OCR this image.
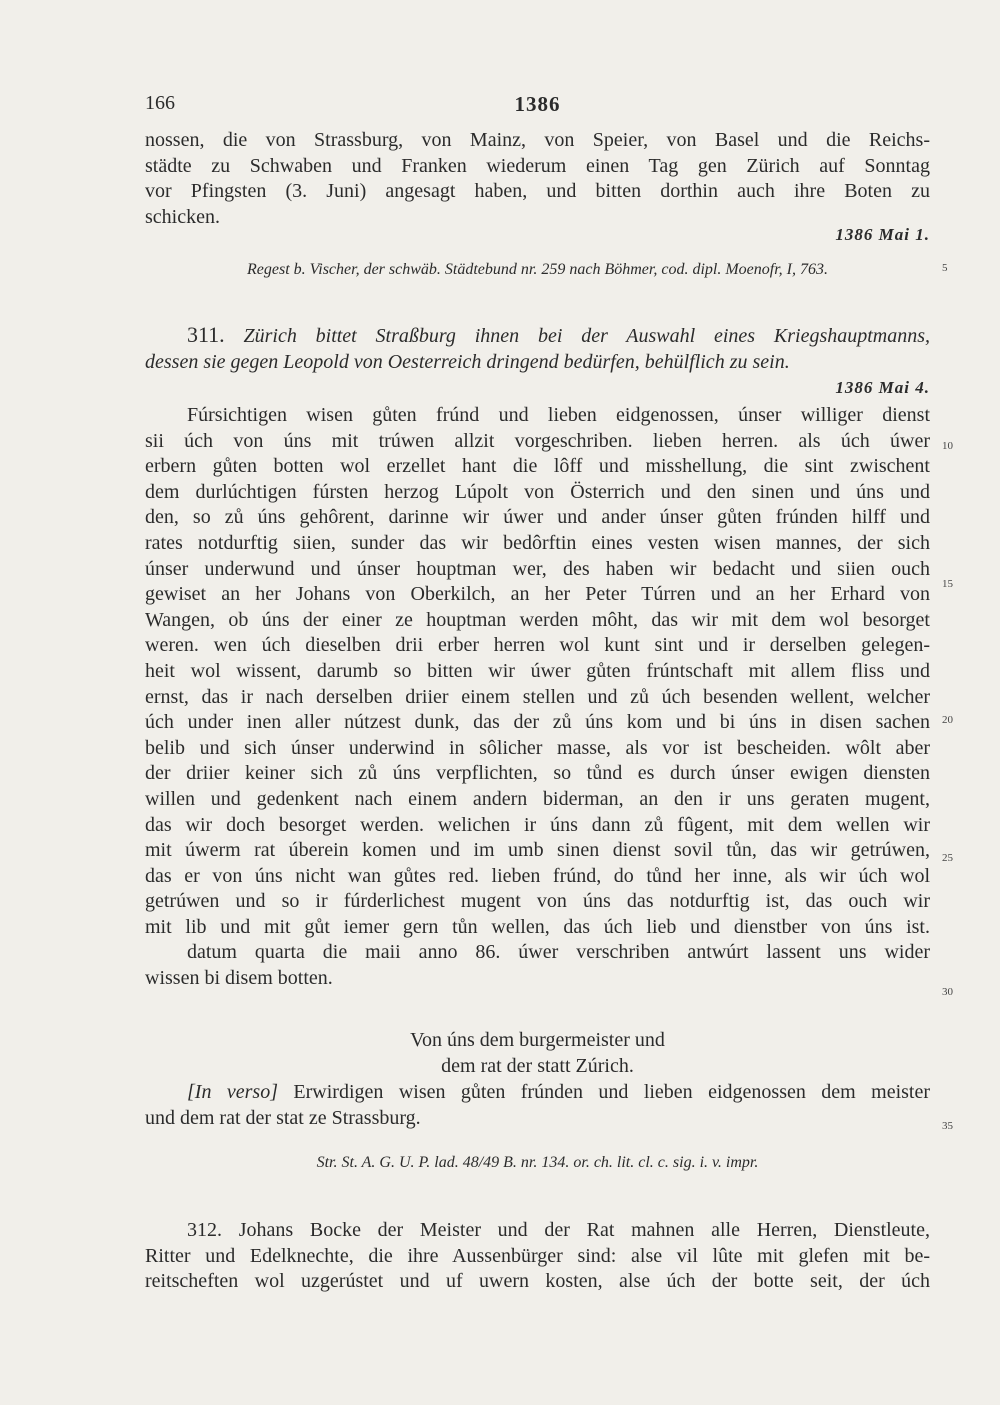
166	1386
nossen, die von Strassburg, von Mainz, von Speier, von Basel und die Reichs-
städte zu Schwaben und Franken wiederum einen Tag gen Zürich auf Sonntag
vor Pfingsten (3. Juni) angesagt haben, und bitten dorthin auch ihre Boten zu
schicken.
1386 Mai 1.
Regest b. Vischer, der schwäb. Städtebund nr. 259 nach Böhmer, cod. dipl. Moenofr, I, 763.
311. Zürich bittet Straßburg ihnen bei der Auswahl eines Kriegshauptmanns,
dessen sie gegen Leopold von Oesterreich dringend bedürfen, behülflich zu sein.
1386 Mai 4.
Fúrsichtigen wisen gůten frúnd und lieben eidgenossen, únser williger dienst
sii úch von úns mit trúwen allzit vorgeschriben. lieben herren. als úch úwer
erbern gůten botten wol erzellet hant die lôff und misshellung, die sint zwischent
dem durlúchtigen fúrsten herzog Lúpolt von Österrich und den sinen und úns und
den, so zů úns gehôrent, darinne wir úwer und ander únser gůten frúnden hilff und
rates notdurftig siien, sunder das wir bedôrftin eines vesten wisen mannes, der sich
únser underwund und únser houptman wer, des haben wir bedacht und siien ouch
gewiset an her Johans von Oberkilch, an her Peter Túrren und an her Erhard von
Wangen, ob úns der einer ze houptman werden môht, das wir mit dem wol besorget
weren. wen úch dieselben drii erber herren wol kunt sint und ir derselben gelegen-
heit wol wissent, darumb so bitten wir úwer gůten frúntschaft mit allem fliss und
ernst, das ir nach derselben driier einem stellen und zů úch besenden wellent, welcher
úch under inen aller nútzest dunk, das der zů úns kom und bi úns in disen sachen
belib und sich únser underwind in sôlicher masse, als vor ist bescheiden. wôlt aber
der driier keiner sich zů úns verpflichten, so tůnd es durch únser ewigen diensten
willen und gedenkent nach einem andern biderman, an den ir uns geraten mugent,
das wir doch besorget werden. welichen ir úns dann zů fûgent, mit dem wellen wir
mit úwerm rat úberein komen und im umb sinen dienst sovil tůn, das wir getrúwen,
das er von úns nicht wan gůtes red. lieben frúnd, do tůnd her inne, als wir úch wol
getrúwen und so ir fúrderlichest mugent von úns das notdurftig ist, das ouch wir
mit lib und mit gůt iemer gern tůn wellen, das úch lieb und dienstber von úns ist.
datum quarta die maii anno 86. úwer verschriben antwúrt lassent uns wider
wissen bi disem botten.
Von úns dem burgermeister und
dem rat der statt Zúrich.
[In verso] Erwirdigen wisen gůten frúnden und lieben eidgenossen dem meister
und dem rat der stat ze Strassburg.
Str. St. A. G. U. P. lad. 48/49 B. nr. 134. or. ch. lit. cl. c. sig. i. v. impr.
312. Johans Bocke der Meister und der Rat mahnen alle Herren, Dienstleute,
Ritter und Edelknechte, die ihre Aussenbürger sind: alse vil lûte mit glefen mit be-
reitscheften wol uzgerústet und uf uwern kosten, alse úch der botte seit, der úch
5
10
15
20
25
30
35
